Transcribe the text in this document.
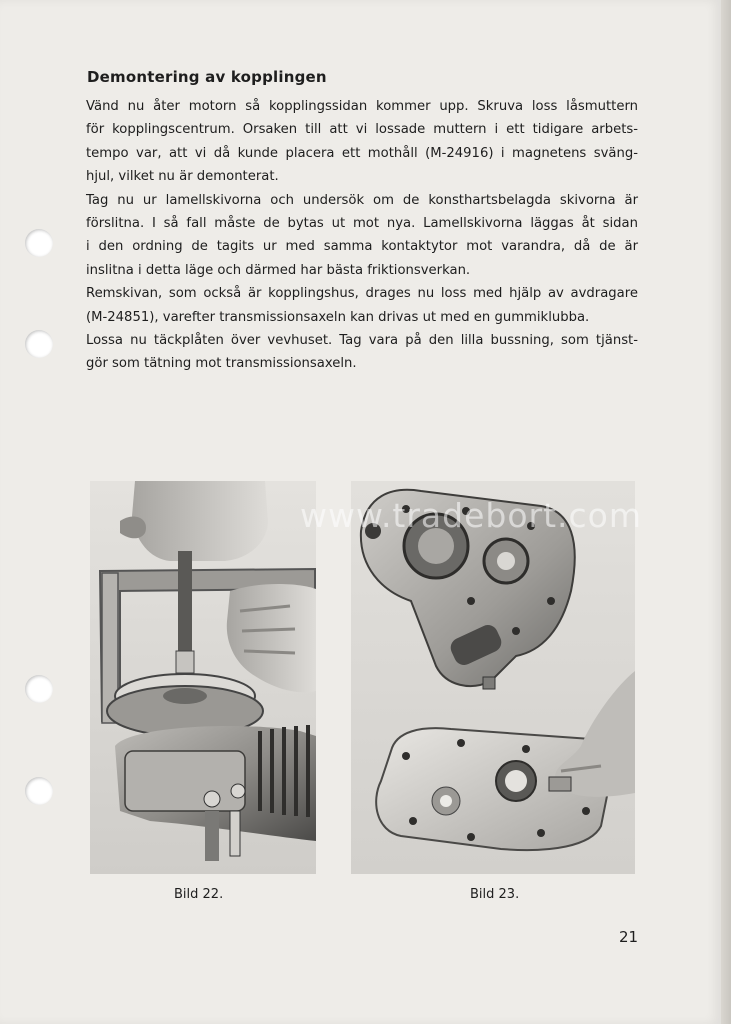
Demontering av kopplingen
Vänd nu åter motorn så kopplingssidan kommer upp. Skruva loss låsmuttern
för kopplingscentrum. Orsaken till att vi lossade muttern i ett tidigare arbets-
tempo var, att vi då kunde placera ett mothåll (M-24916) i magnetens sväng-
hjul, vilket nu är demonterat.
Tag nu ur lamellskivorna och undersök om de konsthartsbelagda skivorna är
förslitna. I så fall måste de bytas ut mot nya. Lamellskivorna läggas åt sidan
i den ordning de tagits ur med samma kontaktytor mot varandra, då de är
inslitna i detta läge och därmed har bästa friktionsverkan.
Remskivan, som också är kopplingshus, drages nu loss med hjälp av avdragare
(M-24851), varefter transmissionsaxeln kan drivas ut med en gummiklubba.
Lossa nu täckplåten över vevhuset. Tag vara på den lilla bussning, som tjänst-
gör som tätning mot transmissionsaxeln.
www.tradebort.com
Bild 22.	Bild 23.
21
